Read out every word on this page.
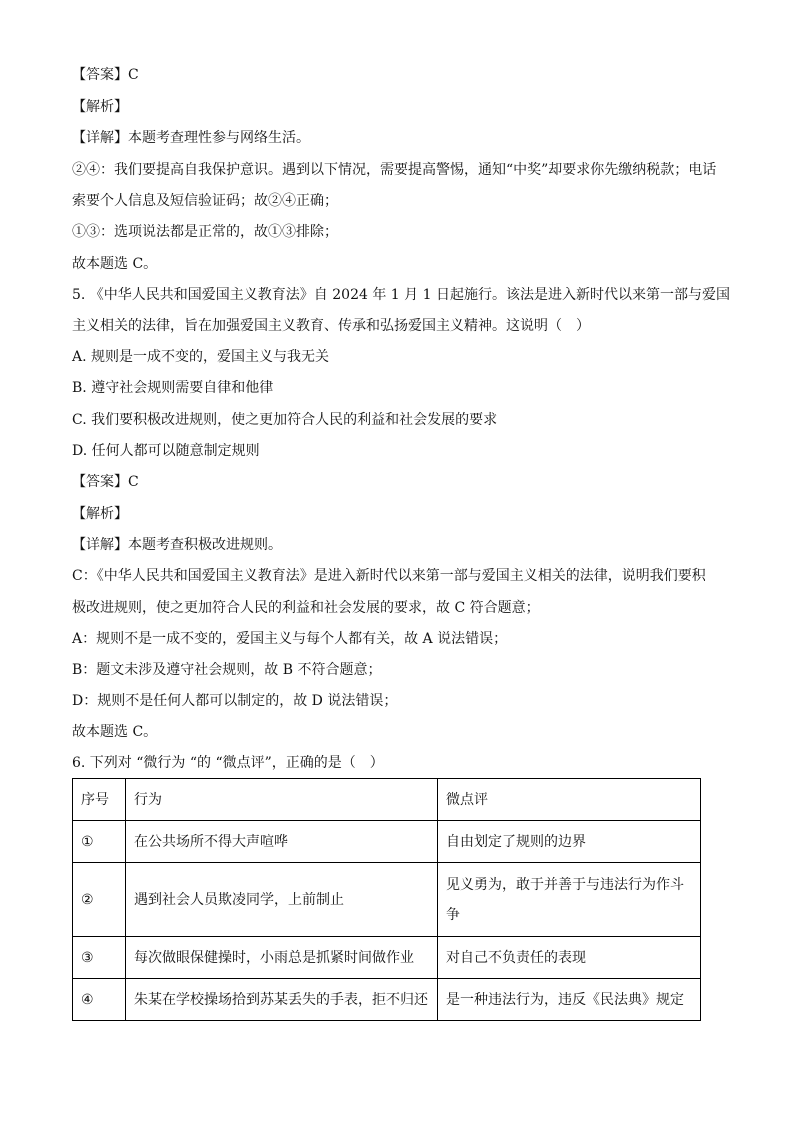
【答案】C
【解析】
【详解】本题考查理性参与网络生活。
②④：我们要提高自我保护意识。遇到以下情况，需要提高警惕，通知“中奖”却要求你先缴纳税款；电话
索要个人信息及短信验证码；故②④正确；
①③：选项说法都是正常的，故①③排除；
故本题选 C。
5. 《中华人民共和国爱国主义教育法》自 2024 年 1 月 1 日起施行。该法是进入新时代以来第一部与爱国
主义相关的法律，旨在加强爱国主义教育、传承和弘扬爱国主义精神。这说明（　）
A. 规则是一成不变的，爱国主义与我无关
B. 遵守社会规则需要自律和他律
C. 我们要积极改进规则，使之更加符合人民的利益和社会发展的要求
D. 任何人都可以随意制定规则
【答案】C
【解析】
【详解】本题考查积极改进规则。
C：《中华人民共和国爱国主义教育法》是进入新时代以来第一部与爱国主义相关的法律，说明我们要积
极改进规则，使之更加符合人民的利益和社会发展的要求，故 C 符合题意；
A：规则不是一成不变的，爱国主义与每个人都有关，故 A 说法错误；
B：题文未涉及遵守社会规则，故 B 不符合题意；
D：规则不是任何人都可以制定的，故 D 说法错误；
故本题选 C。
6. 下列对 “微行为 “的 “微点评”，正确的是（　）
序号	行为	微点评
①	在公共场所不得大声喧哗	自由划定了规则的边界
②	遇到社会人员欺凌同学，上前制止	见义勇为，敢于并善于与违法行为作斗
争
③	每次做眼保健操时，小雨总是抓紧时间做作业	对自己不负责任的表现
④	朱某在学校操场拾到苏某丢失的手表，拒不归还	是一种违法行为，违反《民法典》规定
